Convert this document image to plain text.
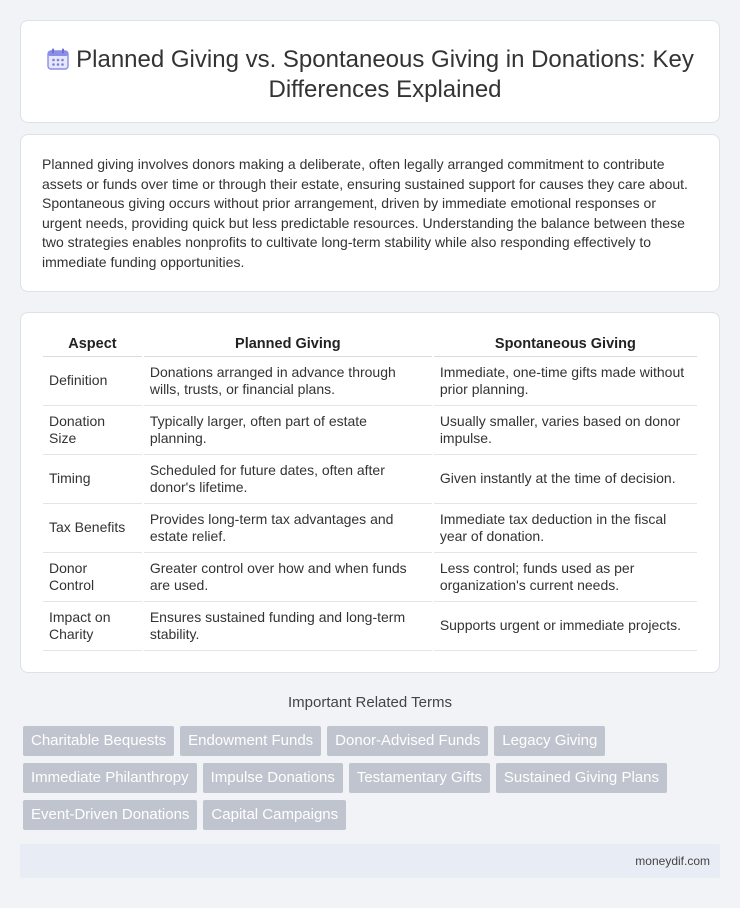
Planned Giving vs. Spontaneous Giving in Donations: Key Differences Explained

Planned giving involves donors making a deliberate, often legally arranged commitment to contribute assets or funds over time or through their estate, ensuring sustained support for causes they care about. Spontaneous giving occurs without prior arrangement, driven by immediate emotional responses or urgent needs, providing quick but less predictable resources. Understanding the balance between these two strategies enables nonprofits to cultivate long-term stability while also responding effectively to immediate funding opportunities.

Aspect	Planned Giving	Spontaneous Giving
Definition	Donations arranged in advance through wills, trusts, or financial plans.	Immediate, one-time gifts made without prior planning.
Donation Size	Typically larger, often part of estate planning.	Usually smaller, varies based on donor impulse.
Timing	Scheduled for future dates, often after donor's lifetime.	Given instantly at the time of decision.
Tax Benefits	Provides long-term tax advantages and estate relief.	Immediate tax deduction in the fiscal year of donation.
Donor Control	Greater control over how and when funds are used.	Less control; funds used as per organization's current needs.
Impact on Charity	Ensures sustained funding and long-term stability.	Supports urgent or immediate projects.
Important Related Terms
Charitable Bequests	Endowment Funds	Donor-Advised Funds	Legacy Giving
Immediate Philanthropy	Impulse Donations	Testamentary Gifts	Sustained Giving Plans
Event-Driven Donations	Capital Campaigns
moneydif.com
